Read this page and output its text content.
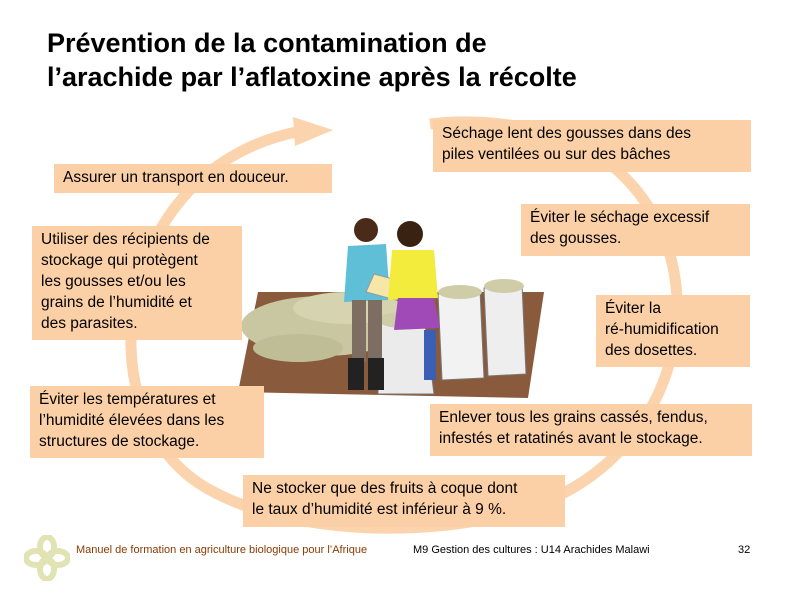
Prévention de la contamination de
l’arachide par l’aflatoxine après la récolte
Séchage lent des gousses dans des
piles ventilées ou sur des bâches
Éviter le séchage excessif
des gousses.
Éviter la
ré-humidification
des dosettes.
Enlever tous les grains cassés, fendus,
infestés et ratatinés avant le stockage.
Ne stocker que des fruits à coque dont
le taux d’humidité est inférieur à 9 %.
Éviter les températures et
l’humidité élevées dans les
structures de stockage.
Utiliser des récipients de
stockage qui protègent
les gousses et/ou les
grains de l’humidité et
des parasites.
Assurer un transport en douceur.
Manuel de formation en agriculture biologique pour l’Afrique	M9 Gestion des cultures : U14 Arachides Malawi	32
